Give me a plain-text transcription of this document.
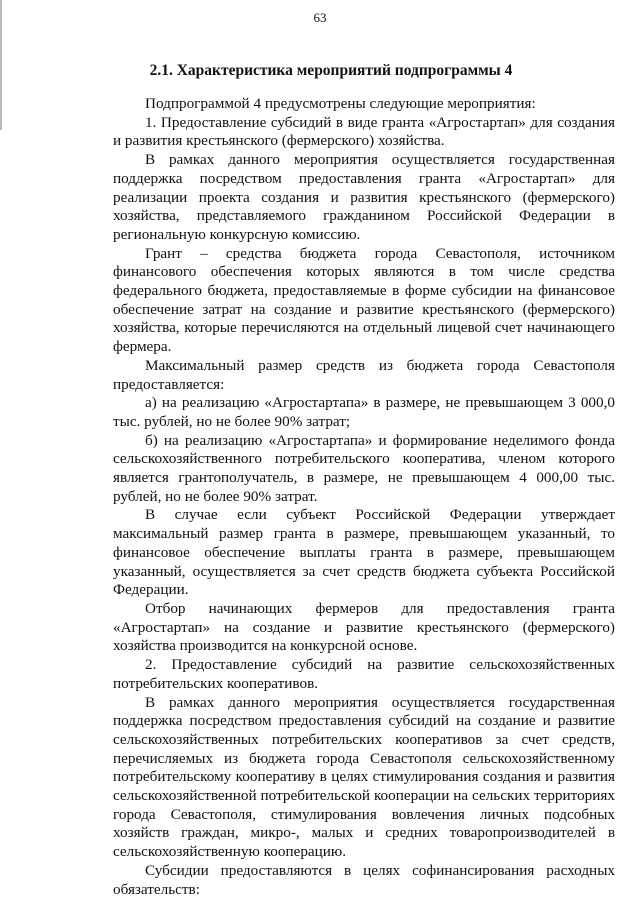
63
2.1. Характеристика мероприятий подпрограммы 4

Подпрограммой 4 предусмотрены следующие мероприятия:

1. Предоставление субсидий в виде гранта «Агростартап» для создания и развития крестьянского (фермерского) хозяйства.

В рамках данного мероприятия осуществляется государственная поддержка посредством предоставления гранта «Агростартап» для реализации проекта создания и развития крестьянского (фермерского) хозяйства, представляемого гражданином Российской Федерации в региональную конкурсную комиссию.

Грант – средства бюджета города Севастополя, источником финансового обеспечения которых являются в том числе средства федерального бюджета, предоставляемые в форме субсидии на финансовое обеспечение затрат на создание и развитие крестьянского (фермерского) хозяйства, которые перечисляются на отдельный лицевой счет начинающего фермера.

Максимальный размер средств из бюджета города Севастополя предоставляется:

а) на реализацию «Агростартапа» в размере, не превышающем 3 000,0 тыс. рублей, но не более 90% затрат;

б) на реализацию «Агростартапа» и формирование неделимого фонда сельскохозяйственного потребительского кооператива, членом которого является грантополучатель, в размере, не превышающем 4 000,00 тыс. рублей, но не более 90% затрат.

В случае если субъект Российской Федерации утверждает максимальный размер гранта в размере, превышающем указанный, то финансовое обеспечение выплаты гранта в размере, превышающем указанный, осуществляется за счет средств бюджета субъекта Российской Федерации.

Отбор начинающих фермеров для предоставления гранта «Агростартап» на создание и развитие крестьянского (фермерского) хозяйства производится на конкурсной основе.

2. Предоставление субсидий на развитие сельскохозяйственных потребительских кооперативов.

В рамках данного мероприятия осуществляется государственная поддержка посредством предоставления субсидий на создание и развитие сельскохозяйственных потребительских кооперативов за счет средств, перечисляемых из бюджета города Севастополя сельскохозяйственному потребительскому кооперативу в целях стимулирования создания и развития сельскохозяйственной потребительской кооперации на сельских территориях города Севастополя, стимулирования вовлечения личных подсобных хозяйств граждан, микро-, малых и средних товаропроизводителей в сельскохозяйственную кооперацию.

Субсидии предоставляются в целях софинансирования расходных обязательств:
